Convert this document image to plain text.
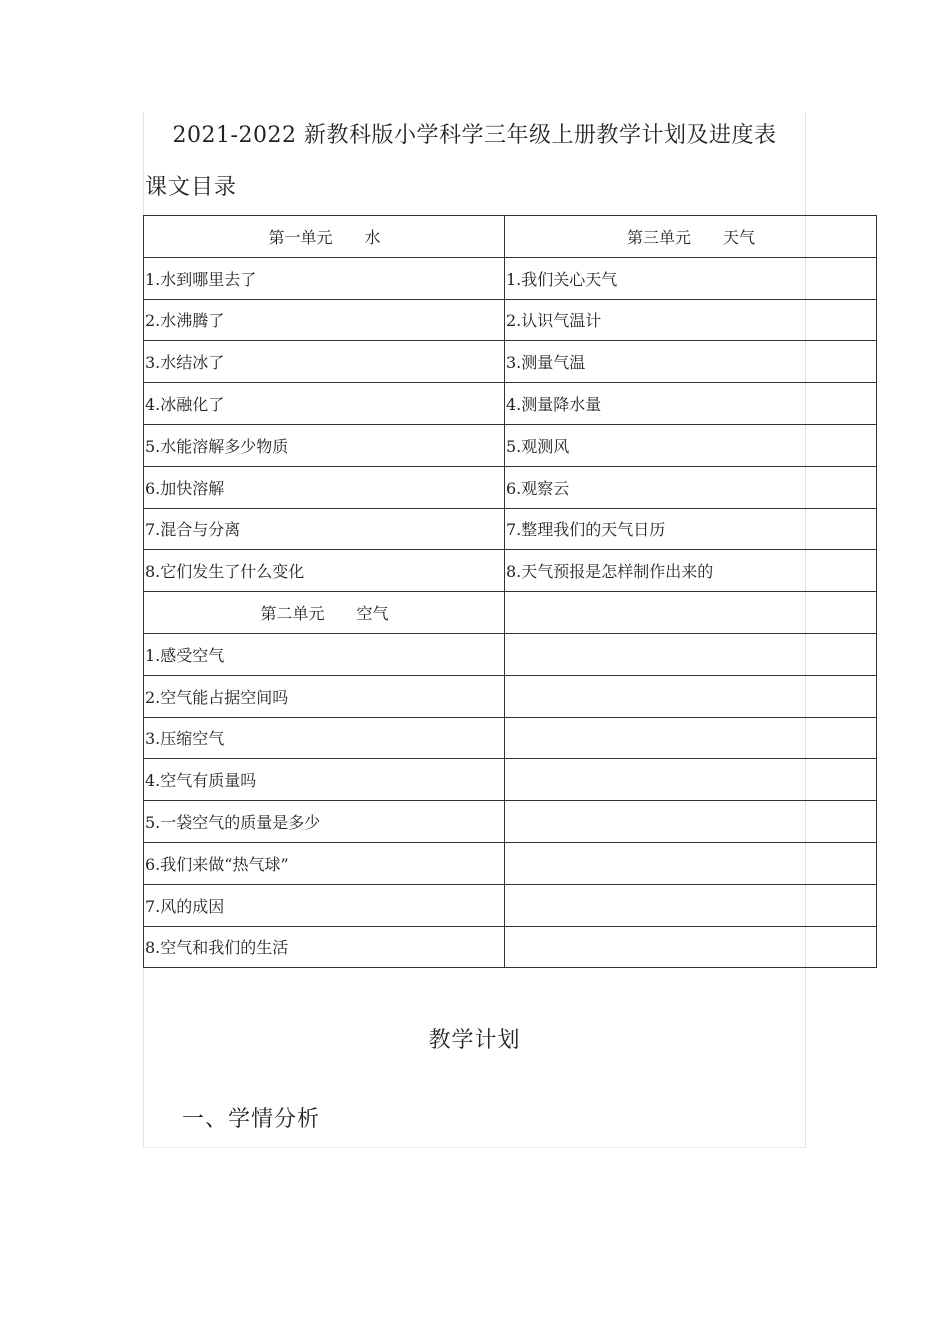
2021-2022 新教科版小学科学三年级上册教学计划及进度表
课文目录
第一单元　　水	第三单元　　天气
1.水到哪里去了	1.我们关心天气
2.水沸腾了	2.认识气温计
3.水结冰了	3.测量气温
4.冰融化了	4.测量降水量
5.水能溶解多少物质	5.观测风
6.加快溶解	6.观察云
7.混合与分离	7.整理我们的天气日历
8.它们发生了什么变化	8.天气预报是怎样制作出来的
第二单元　　空气	
1.感受空气	
2.空气能占据空间吗	
3.压缩空气	
4.空气有质量吗	
5.一袋空气的质量是多少	
6.我们来做“热气球”	
7.风的成因	
8.空气和我们的生活	
教学计划
一、学情分析
